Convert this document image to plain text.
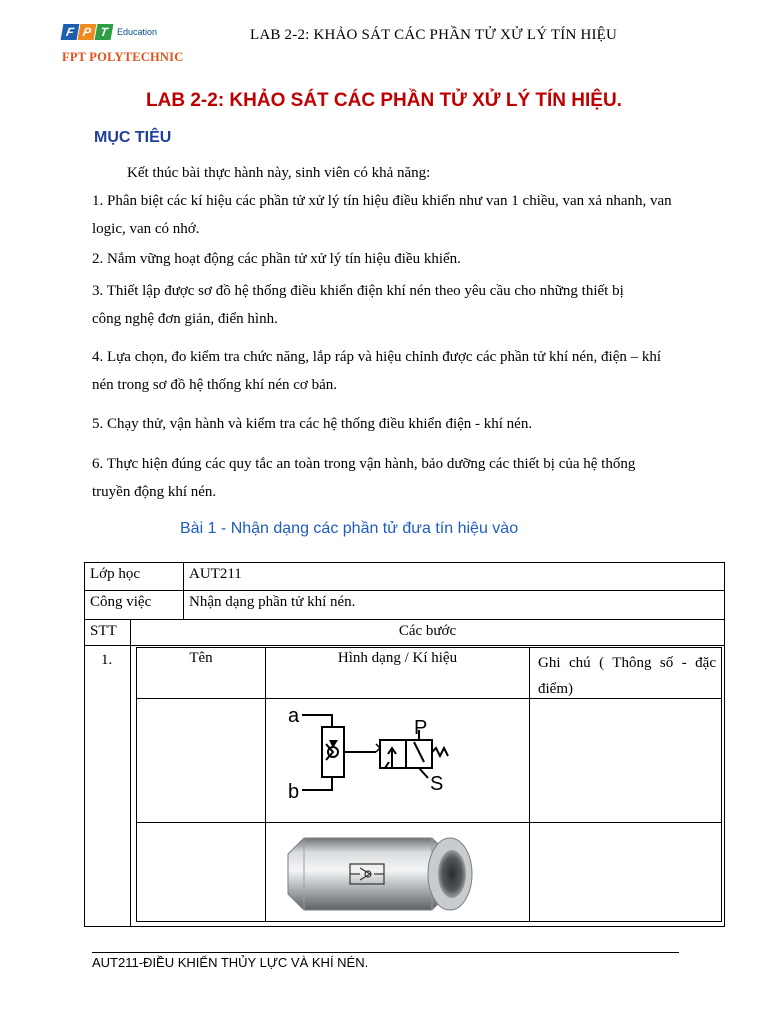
F P T Education
FPT POLYTECHNIC
LAB 2-2: KHẢO SÁT CÁC PHẦN TỬ XỬ LÝ TÍN HIỆU
LAB 2-2: KHẢO SÁT CÁC PHẦN TỬ XỬ LÝ TÍN HIỆU.
MỤC TIÊU
Kết thúc bài thực hành này, sinh viên có khả năng:
1. Phân biệt các kí hiệu các phần tử xử lý tín hiệu điều khiển như van 1 chiều, van xả nhanh, van logic, van có nhớ.
2. Nắm vững hoạt động các phần tử xử lý tín hiệu điều khiển.
3. Thiết lập được sơ đồ hệ thống điều khiển điện khí nén theo yêu cầu cho những thiết bị công nghệ đơn giản, điển hình.
4. Lựa chọn, đo kiểm tra chức năng, lắp ráp và hiệu chỉnh được các phần tử khí nén, điện – khí nén trong sơ đồ hệ thống khí nén cơ bản.
5. Chạy thử, vận hành và kiểm tra các hệ thống điều khiển điện - khí nén.
6. Thực hiện đúng các quy tắc an toàn trong vận hành, bảo dưỡng các thiết bị của hệ thống truyền động khí nén.
Bài 1 - Nhận dạng các phần tử đưa tín hiệu vào
Lớp học	AUT211
Công việc	Nhận dạng phần tử khí nén.
STT	Các bước
1.	Tên	Hình dạng / Kí hiệu	Ghi chú ( Thông số - đặc điểm)
a
b
P
S
AUT211-ĐIỀU KHIỂN THỦY LỰC VÀ KHÍ NÉN.
